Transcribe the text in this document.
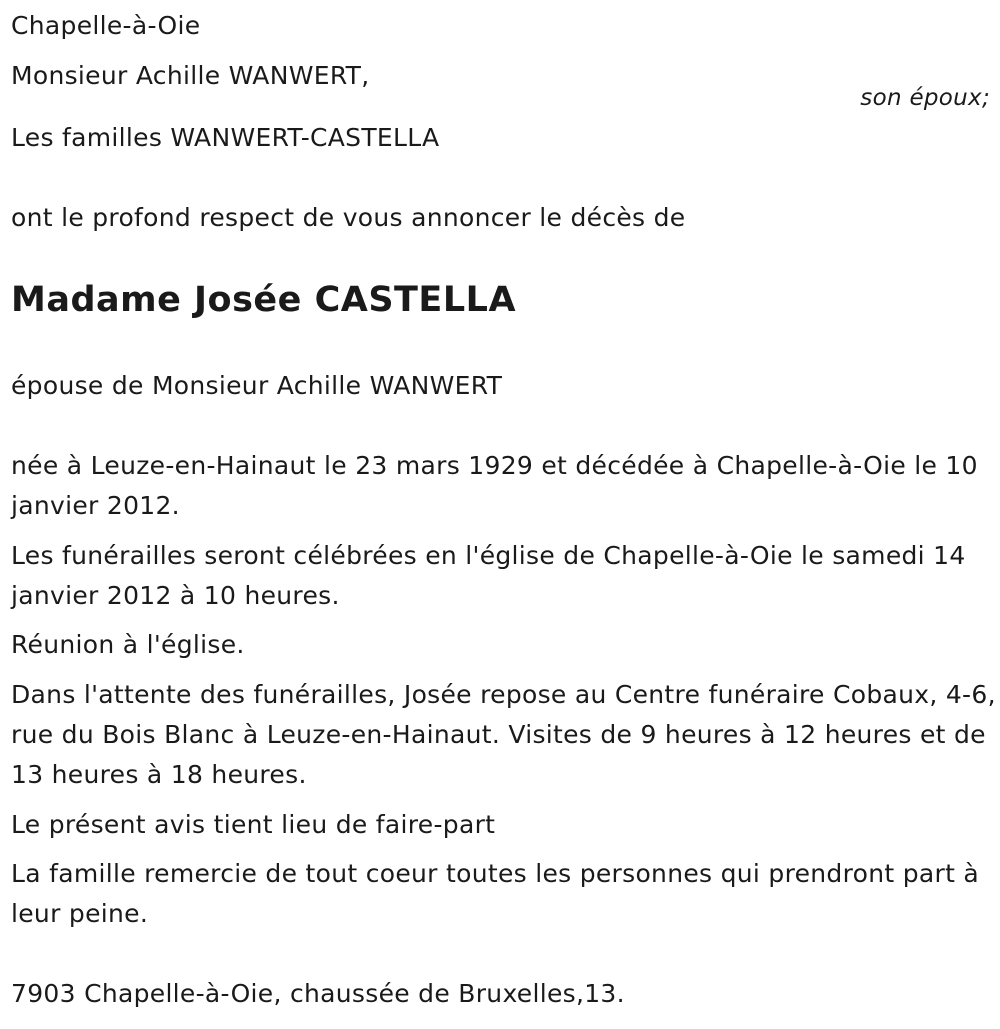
Chapelle-à-Oie
Monsieur Achille WANWERT,
son époux;
Les familles WANWERT-CASTELLA
ont le profond respect de vous annoncer le décès de
Madame Josée CASTELLA
épouse de Monsieur Achille WANWERT
née à Leuze-en-Hainaut le 23 mars 1929 et décédée à Chapelle-à-Oie le 10 janvier 2012.
Les funérailles seront célébrées en l'église de Chapelle-à-Oie le samedi 14 janvier 2012 à 10 heures.
Réunion à l'église.
Dans l'attente des funérailles, Josée repose au Centre funéraire Cobaux, 4-6, rue du Bois Blanc à Leuze-en-Hainaut. Visites de 9 heures à 12 heures et de 13 heures à 18 heures.
Le présent avis tient lieu de faire-part
La famille remercie de tout coeur toutes les personnes qui prendront part à leur peine.
7903 Chapelle-à-Oie, chaussée de Bruxelles,13.
